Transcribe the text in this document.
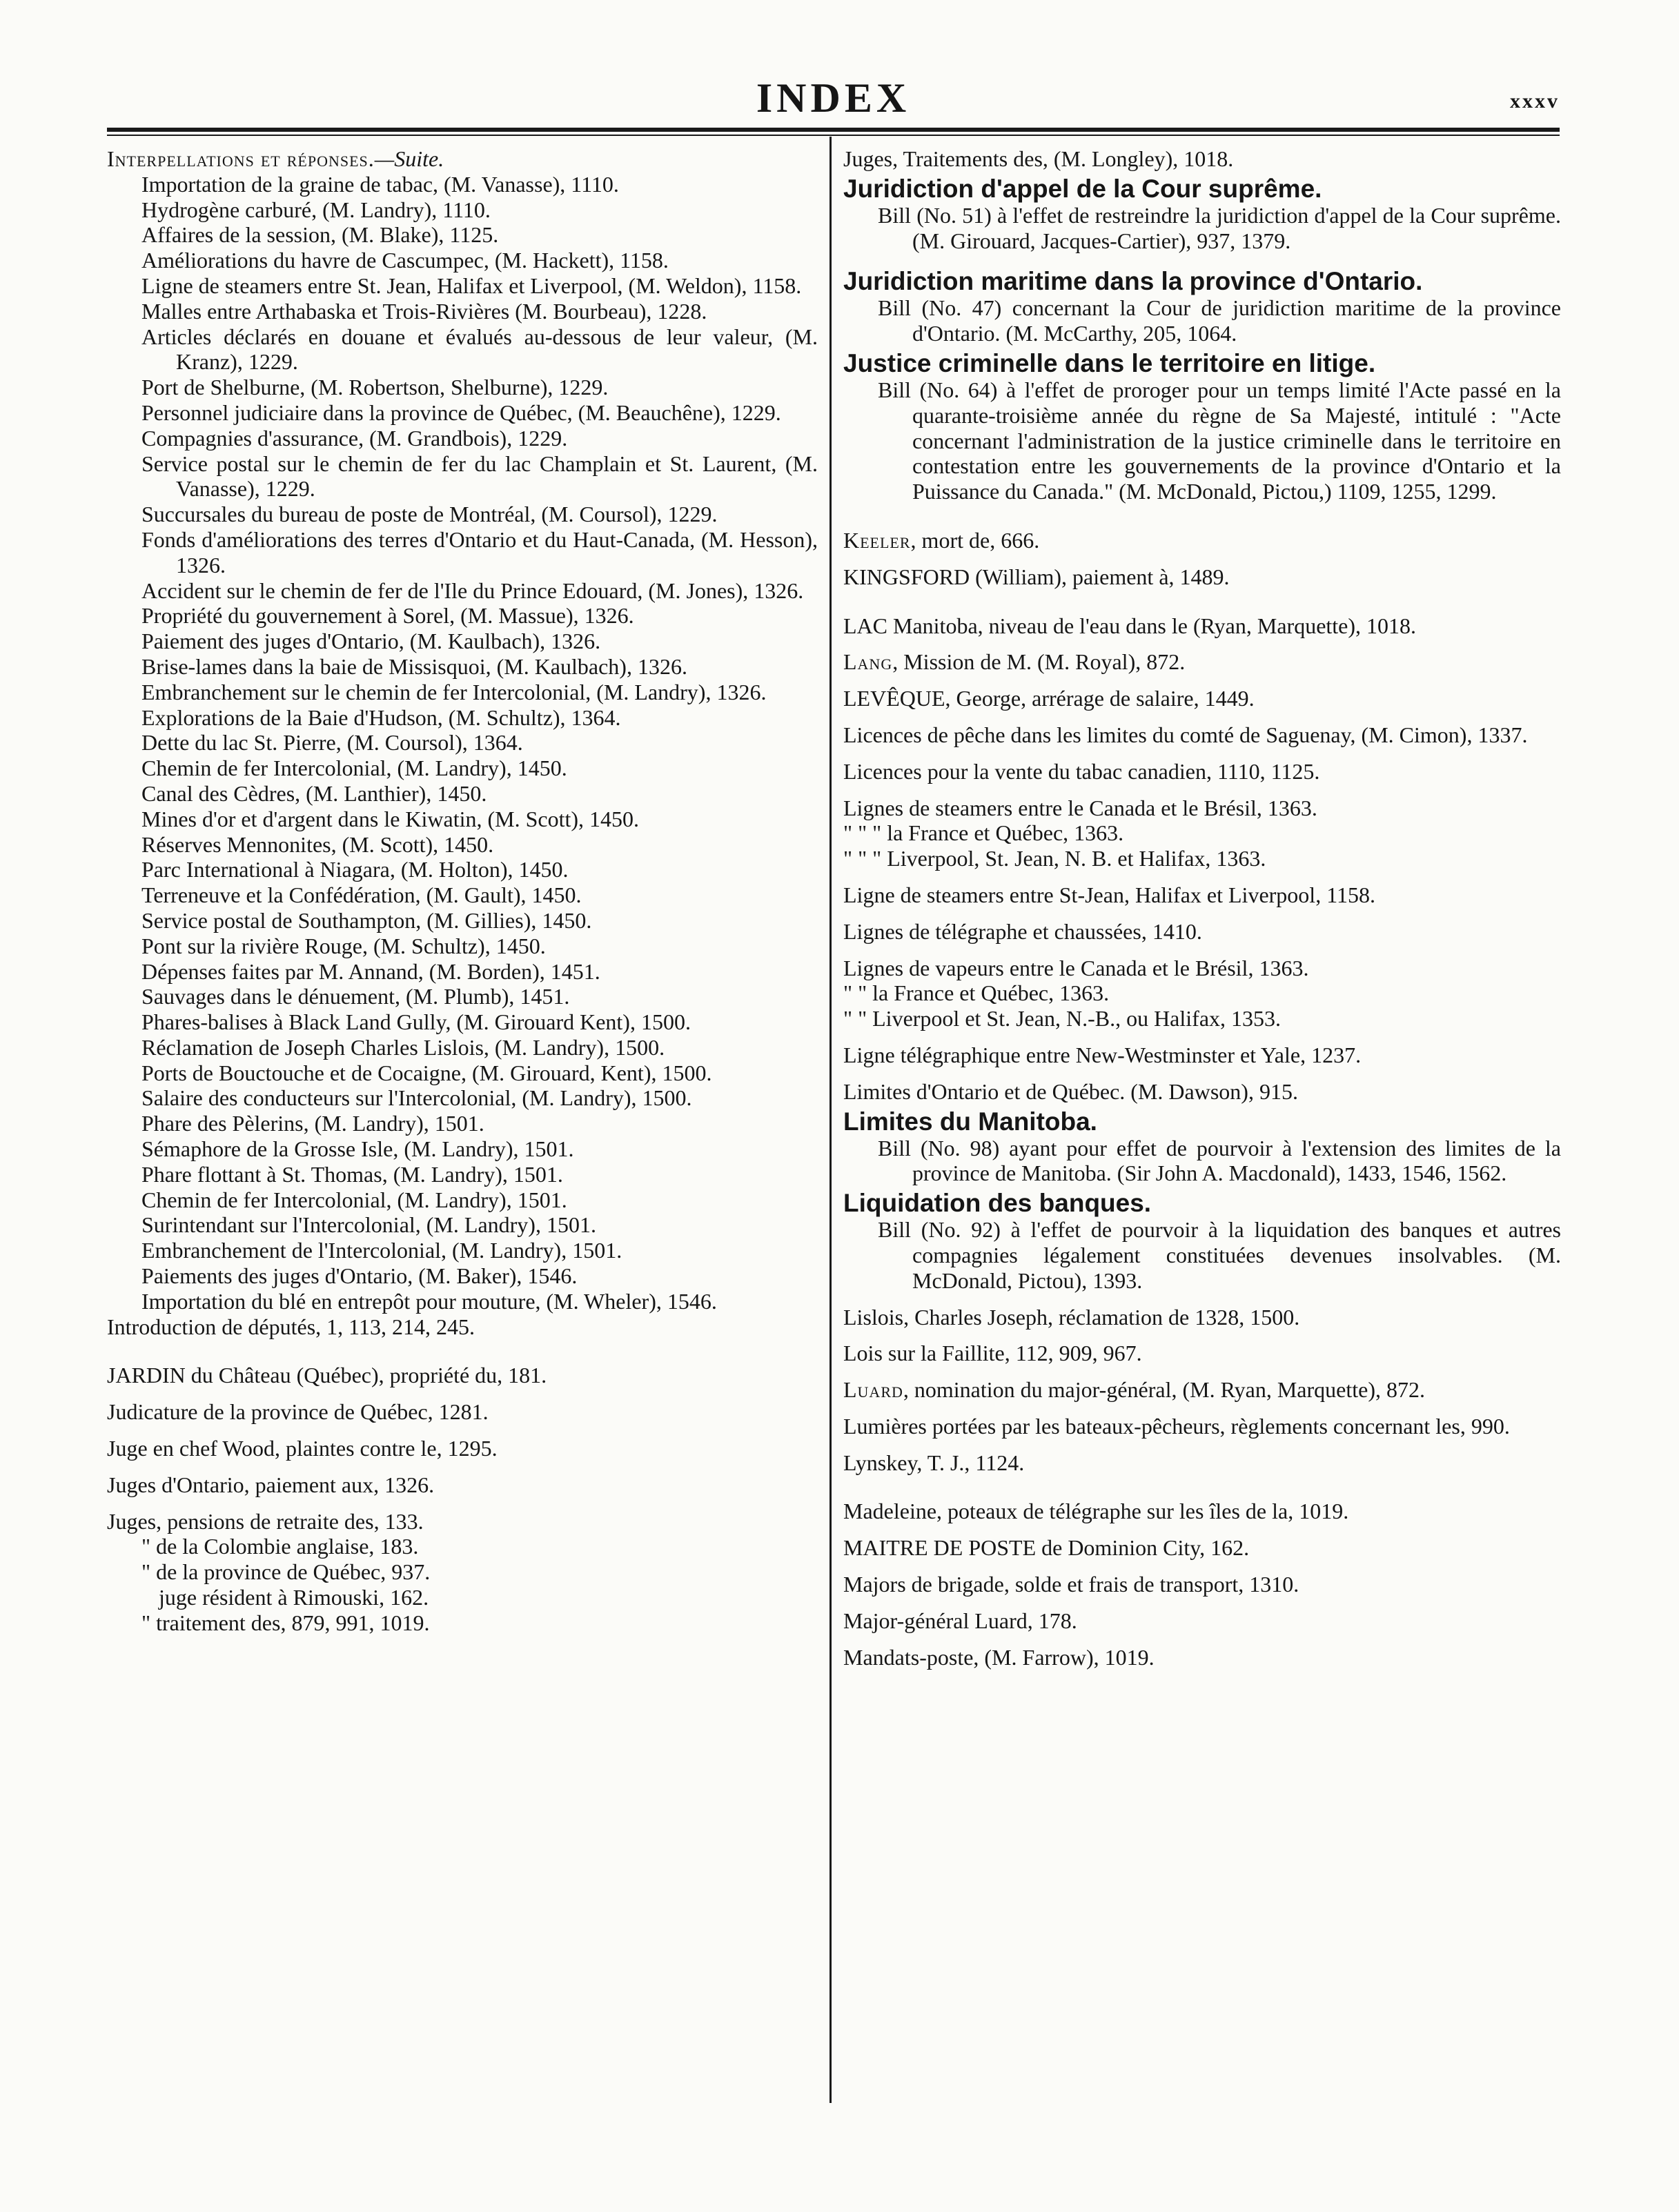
INDEX	xxxv

Interpellations et réponses.—Suite.

Importation de la graine de tabac, (M. Vanasse), 1110.

Hydrogène carburé, (M. Landry), 1110.

Affaires de la session, (M. Blake), 1125.

Améliorations du havre de Cascumpec, (M. Hackett), 1158.

Ligne de steamers entre St. Jean, Halifax et Liverpool, (M. Weldon), 1158.

Malles entre Arthabaska et Trois-Rivières (M. Bourbeau), 1228.

Articles déclarés en douane et évalués au-dessous de leur valeur, (M. Kranz), 1229.

Port de Shelburne, (M. Robertson, Shelburne), 1229.

Personnel judiciaire dans la province de Québec, (M. Beauchêne), 1229.

Compagnies d'assurance, (M. Grandbois), 1229.

Service postal sur le chemin de fer du lac Champlain et St. Laurent, (M. Vanasse), 1229.

Succursales du bureau de poste de Montréal, (M. Coursol), 1229.

Fonds d'améliorations des terres d'Ontario et du Haut-Canada, (M. Hesson), 1326.

Accident sur le chemin de fer de l'Ile du Prince Edouard, (M. Jones), 1326.

Propriété du gouvernement à Sorel, (M. Massue), 1326.

Paiement des juges d'Ontario, (M. Kaulbach), 1326.

Brise-lames dans la baie de Missisquoi, (M. Kaulbach), 1326.

Embranchement sur le chemin de fer Intercolonial, (M. Landry), 1326.

Explorations de la Baie d'Hudson, (M. Schultz), 1364.

Dette du lac St. Pierre, (M. Coursol), 1364.

Chemin de fer Intercolonial, (M. Landry), 1450.

Canal des Cèdres, (M. Lanthier), 1450.

Mines d'or et d'argent dans le Kiwatin, (M. Scott), 1450.

Réserves Mennonites, (M. Scott), 1450.

Parc International à Niagara, (M. Holton), 1450.

Terreneuve et la Confédération, (M. Gault), 1450.

Service postal de Southampton, (M. Gillies), 1450.

Pont sur la rivière Rouge, (M. Schultz), 1450.

Dépenses faites par M. Annand, (M. Borden), 1451.

Sauvages dans le dénuement, (M. Plumb), 1451.

Phares-balises à Black Land Gully, (M. Girouard Kent), 1500.

Réclamation de Joseph Charles Lislois, (M. Landry), 1500.

Ports de Bouctouche et de Cocaigne, (M. Girouard, Kent), 1500.

Salaire des conducteurs sur l'Intercolonial, (M. Landry), 1500.

Phare des Pèlerins, (M. Landry), 1501.

Sémaphore de la Grosse Isle, (M. Landry), 1501.

Phare flottant à St. Thomas, (M. Landry), 1501.

Chemin de fer Intercolonial, (M. Landry), 1501.

Surintendant sur l'Intercolonial, (M. Landry), 1501.

Embranchement de l'Intercolonial, (M. Landry), 1501.

Paiements des juges d'Ontario, (M. Baker), 1546.

Importation du blé en entrepôt pour mouture, (M. Wheler), 1546.

Introduction de députés, 1, 113, 214, 245.

JARDIN du Château (Québec), propriété du, 181.

Judicature de la province de Québec, 1281.

Juge en chef Wood, plaintes contre le, 1295.

Juges d'Ontario, paiement aux, 1326.

Juges, pensions de retraite des, 133.

" de la Colombie anglaise, 183.

" de la province de Québec, 937.

juge résident à Rimouski, 162.

" traitement des, 879, 991, 1019.

Juges, Traitements des, (M. Longley), 1018.

Juridiction d'appel de la Cour suprême.

Bill (No. 51) à l'effet de restreindre la juridiction d'appel de la Cour suprême. (M. Girouard, Jacques-Cartier), 937, 1379.

Juridiction maritime dans la province d'Ontario.

Bill (No. 47) concernant la Cour de juridiction maritime de la province d'Ontario. (M. McCarthy, 205, 1064.

Justice criminelle dans le territoire en litige.

Bill (No. 64) à l'effet de proroger pour un temps limité l'Acte passé en la quarante-troisième année du règne de Sa Majesté, intitulé : "Acte concernant l'administration de la justice criminelle dans le territoire en contestation entre les gouvernements de la province d'Ontario et la Puissance du Canada." (M. McDonald, Pictou,) 1109, 1255, 1299.

Keeler, mort de, 666.

KINGSFORD (William), paiement à, 1489.

LAC Manitoba, niveau de l'eau dans le (Ryan, Marquette), 1018.

Lang, Mission de M. (M. Royal), 872.

LEVÊQUE, George, arrérage de salaire, 1449.

Licences de pêche dans les limites du comté de Saguenay, (M. Cimon), 1337.

Licences pour la vente du tabac canadien, 1110, 1125.

Lignes de steamers entre le Canada et le Brésil, 1363.

" " " la France et Québec, 1363.

" " " Liverpool, St. Jean, N. B. et Halifax, 1363.

Ligne de steamers entre St-Jean, Halifax et Liverpool, 1158.

Lignes de télégraphe et chaussées, 1410.

Lignes de vapeurs entre le Canada et le Brésil, 1363.

" " la France et Québec, 1363.

" " Liverpool et St. Jean, N.-B., ou Halifax, 1353.

Ligne télégraphique entre New-Westminster et Yale, 1237.

Limites d'Ontario et de Québec. (M. Dawson), 915.

Limites du Manitoba.

Bill (No. 98) ayant pour effet de pourvoir à l'extension des limites de la province de Manitoba. (Sir John A. Macdonald), 1433, 1546, 1562.

Liquidation des banques.

Bill (No. 92) à l'effet de pourvoir à la liquidation des banques et autres compagnies légalement constituées devenues insolvables. (M. McDonald, Pictou), 1393.

Lislois, Charles Joseph, réclamation de 1328, 1500.

Lois sur la Faillite, 112, 909, 967.

Luard, nomination du major-général, (M. Ryan, Marquette), 872.

Lumières portées par les bateaux-pêcheurs, règlements concernant les, 990.

Lynskey, T. J., 1124.

Madeleine, poteaux de télégraphe sur les îles de la, 1019.

MAITRE DE POSTE de Dominion City, 162.

Majors de brigade, solde et frais de transport, 1310.

Major-général Luard, 178.

Mandats-poste, (M. Farrow), 1019.
